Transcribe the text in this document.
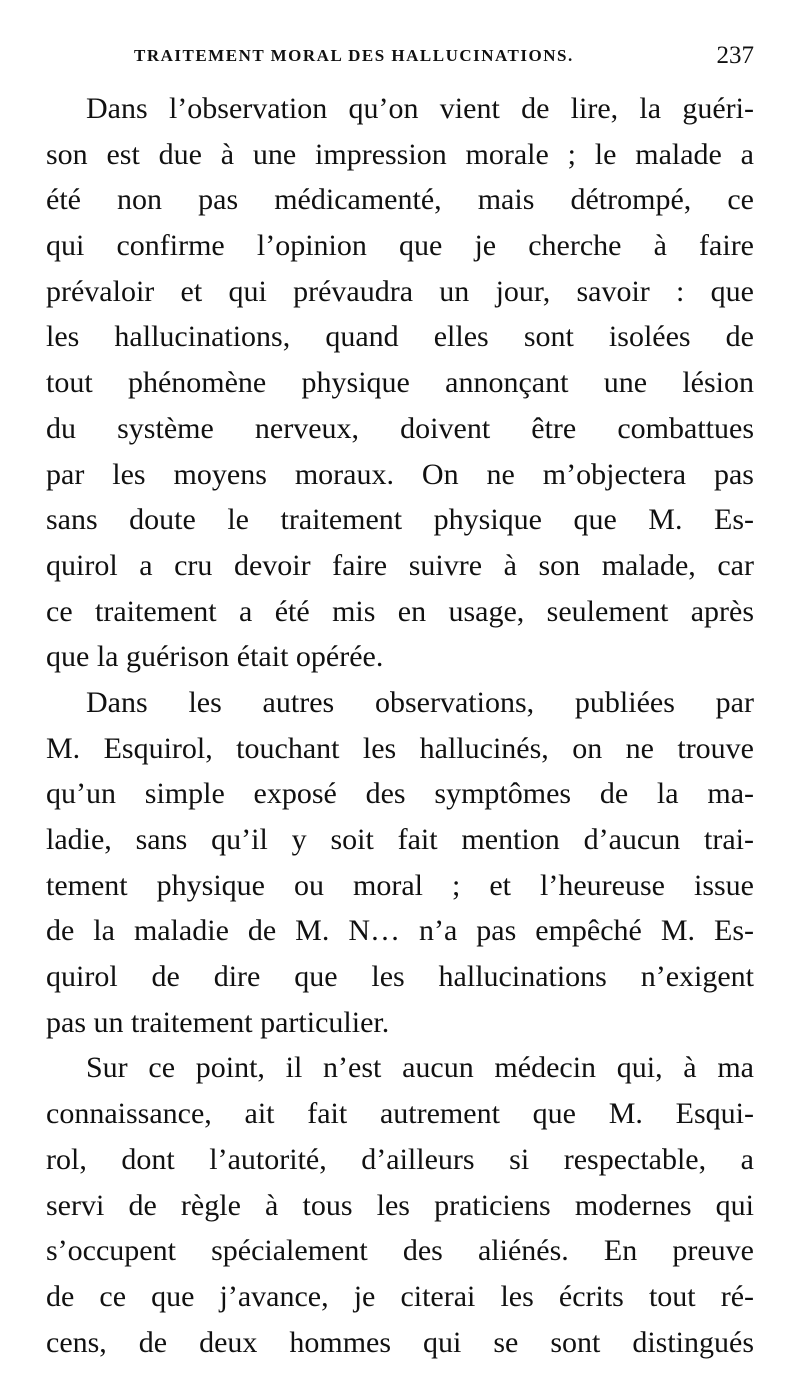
TRAITEMENT MORAL DES HALLUCINATIONS.	237
Dans l’observation qu’on vient de lire, la guéri-
son est due à une impression morale ; le malade a
été non pas médicamenté, mais détrompé, ce
qui confirme l’opinion que je cherche à faire
prévaloir et qui prévaudra un jour, savoir : que
les hallucinations, quand elles sont isolées de
tout phénomène physique annonçant une lésion
du système nerveux, doivent être combattues
par les moyens moraux. On ne m’objectera pas
sans doute le traitement physique que M. Es-
quirol a cru devoir faire suivre à son malade, car
ce traitement a été mis en usage, seulement après
que la guérison était opérée.
Dans les autres observations, publiées par
M. Esquirol, touchant les hallucinés, on ne trouve
qu’un simple exposé des symptômes de la ma-
ladie, sans qu’il y soit fait mention d’aucun trai-
tement physique ou moral ; et l’heureuse issue
de la maladie de M. N… n’a pas empêché M. Es-
quirol de dire que les hallucinations n’exigent
pas un traitement particulier.
Sur ce point, il n’est aucun médecin qui, à ma
connaissance, ait fait autrement que M. Esqui-
rol, dont l’autorité, d’ailleurs si respectable, a
servi de règle à tous les praticiens modernes qui
s’occupent spécialement des aliénés. En preuve
de ce que j’avance, je citerai les écrits tout ré-
cens, de deux hommes qui se sont distingués
